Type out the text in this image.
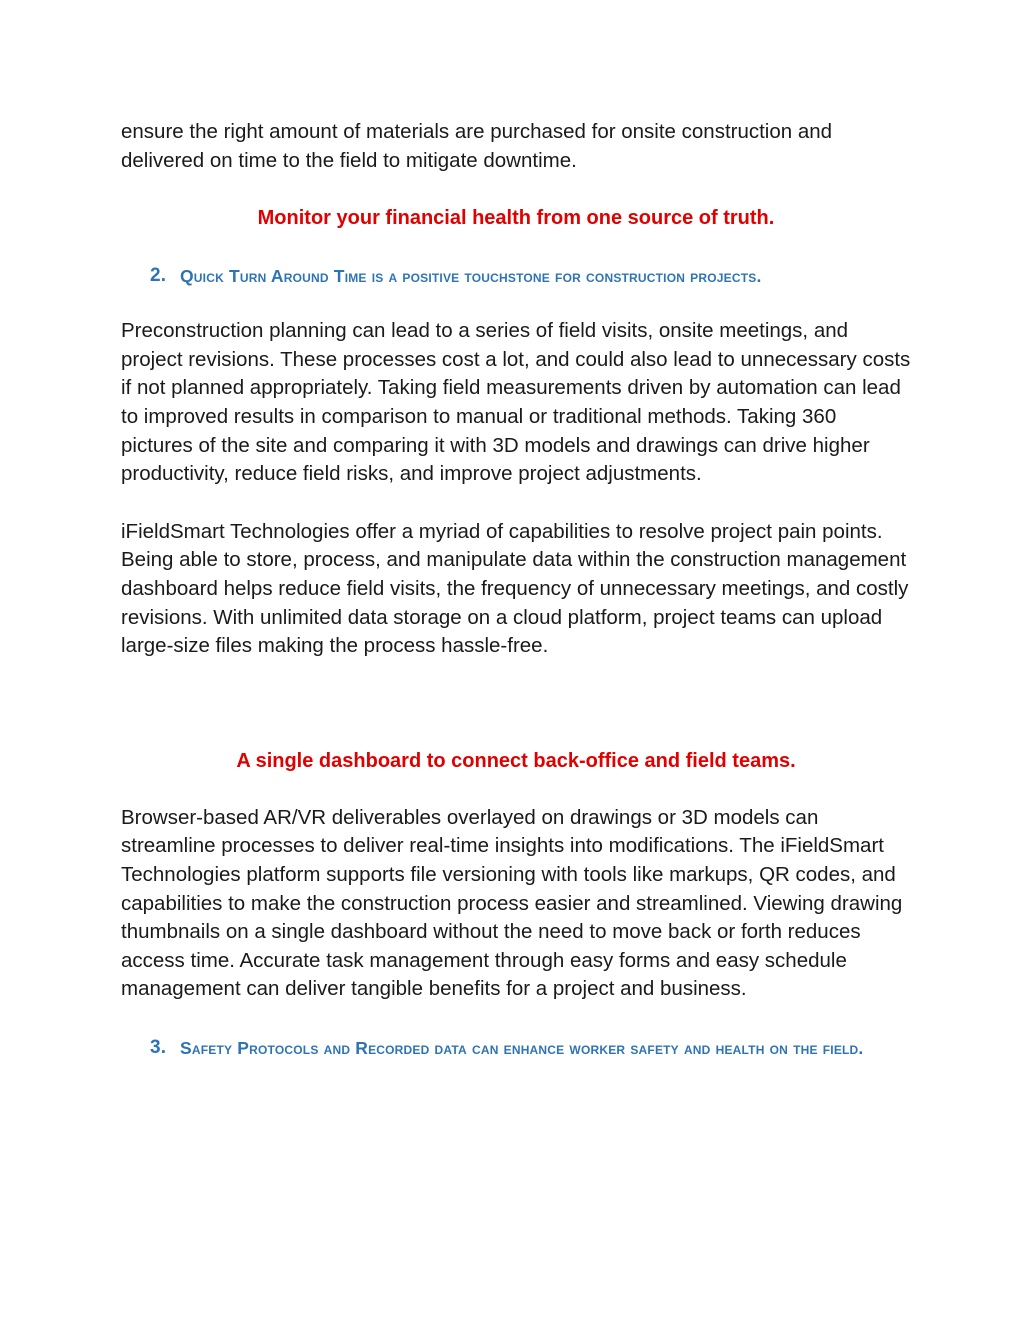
ensure the right amount of materials are purchased for onsite construction and delivered on time to the field to mitigate downtime.

Monitor your financial health from one source of truth.

2. Quick Turn Around Time is a positive touchstone for construction projects.

Preconstruction planning can lead to a series of field visits, onsite meetings, and project revisions. These processes cost a lot, and could also lead to unnecessary costs if not planned appropriately. Taking field measurements driven by automation can lead to improved results in comparison to manual or traditional methods. Taking 360 pictures of the site and comparing it with 3D models and drawings can drive higher productivity, reduce field risks, and improve project adjustments.

iFieldSmart Technologies offer a myriad of capabilities to resolve project pain points. Being able to store, process, and manipulate data within the construction management dashboard helps reduce field visits, the frequency of unnecessary meetings, and costly revisions. With unlimited data storage on a cloud platform, project teams can upload large-size files making the process hassle-free.

A single dashboard to connect back-office and field teams.

Browser-based AR/VR deliverables overlayed on drawings or 3D models can streamline processes to deliver real-time insights into modifications. The iFieldSmart Technologies platform supports file versioning with tools like markups, QR codes, and capabilities to make the construction process easier and streamlined. Viewing drawing thumbnails on a single dashboard without the need to move back or forth reduces access time. Accurate task management through easy forms and easy schedule management can deliver tangible benefits for a project and business.

3. Safety Protocols and Recorded data can enhance worker safety and health on the field.
